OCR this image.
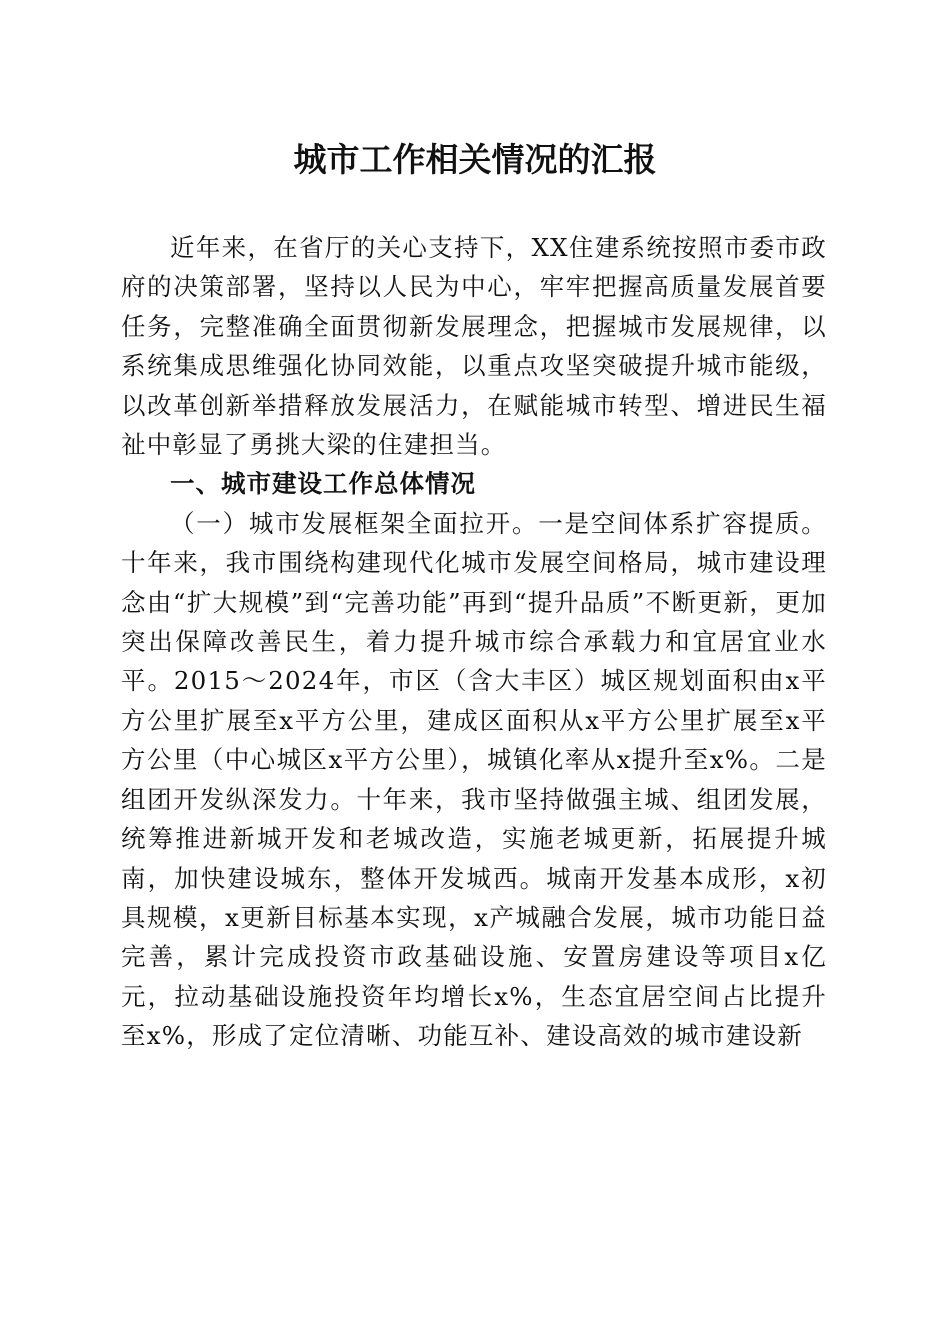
城市工作相关情况的汇报

近年来，在省厅的关心支持下，XX住建系统按照市委市政府的决策部署，坚持以人民为中心，牢牢把握高质量发展首要任务，完整准确全面贯彻新发展理念，把握城市发展规律，以系统集成思维强化协同效能，以重点攻坚突破提升城市能级，以改革创新举措释放发展活力，在赋能城市转型、增进民生福祉中彰显了勇挑大梁的住建担当。

一、城市建设工作总体情况

（一）城市发展框架全面拉开。一是空间体系扩容提质。十年来，我市围绕构建现代化城市发展空间格局，城市建设理念由“扩大规模”到“完善功能”再到“提升品质”不断更新，更加突出保障改善民生，着力提升城市综合承载力和宜居宜业水平。2015～2024年，市区（含大丰区）城区规划面积由x平方公里扩展至x平方公里，建成区面积从x平方公里扩展至x平方公里（中心城区x平方公里），城镇化率从x提升至x%。二是组团开发纵深发力。十年来，我市坚持做强主城、组团发展，统筹推进新城开发和老城改造，实施老城更新，拓展提升城南，加快建设城东，整体开发城西。城南开发基本成形，x初具规模，x更新目标基本实现，x产城融合发展，城市功能日益完善，累计完成投资市政基础设施、安置房建设等项目x亿元，拉动基础设施投资年均增长x%，生态宜居空间占比提升至x%，形成了定位清晰、功能互补、建设高效的城市建设新
